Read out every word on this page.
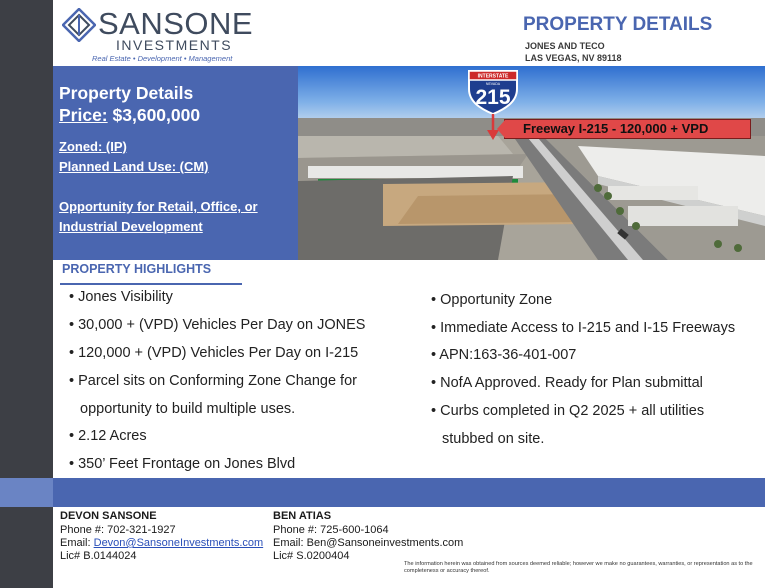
SANSONE
INVESTMENTS
Real Estate • Development • Management
PROPERTY DETAILS
JONES AND TECO
LAS VEGAS, NV 89118
Property Details
Price: $3,600,000
Zoned: (IP)
Planned Land Use: (CM)
Opportunity for Retail, Office, or
Industrial Development
INTERSTATE
NEVADA
215
Freeway I-215 - 120,000 + VPD
PROPERTY HIGHLIGHTS
• Jones Visibility
• 30,000 + (VPD) Vehicles Per Day on JONES
• 120,000 + (VPD) Vehicles Per Day on I-215
• Parcel sits on Conforming Zone Change for
opportunity to build multiple uses.
• 2.12 Acres
• 350’ Feet Frontage on Jones Blvd
• Opportunity Zone
• Immediate Access to I-215 and I-15 Freeways
• APN:163-36-401-007
• NofA Approved. Ready for Plan submittal
• Curbs completed in Q2 2025 + all utilities
stubbed on site.
DEVON SANSONE
Phone #: 702-321-1927
Email: Devon@SansoneInvestments.com
Lic# B.0144024
BEN ATIAS
Phone #: 725-600-1064
Email: Ben@Sansoneinvestments.com
Lic# S.0200404
The information herein was obtained from sources deemed reliable; however we make no guarantees, warranties, or representation as to the completeness or accuracy thereof.
